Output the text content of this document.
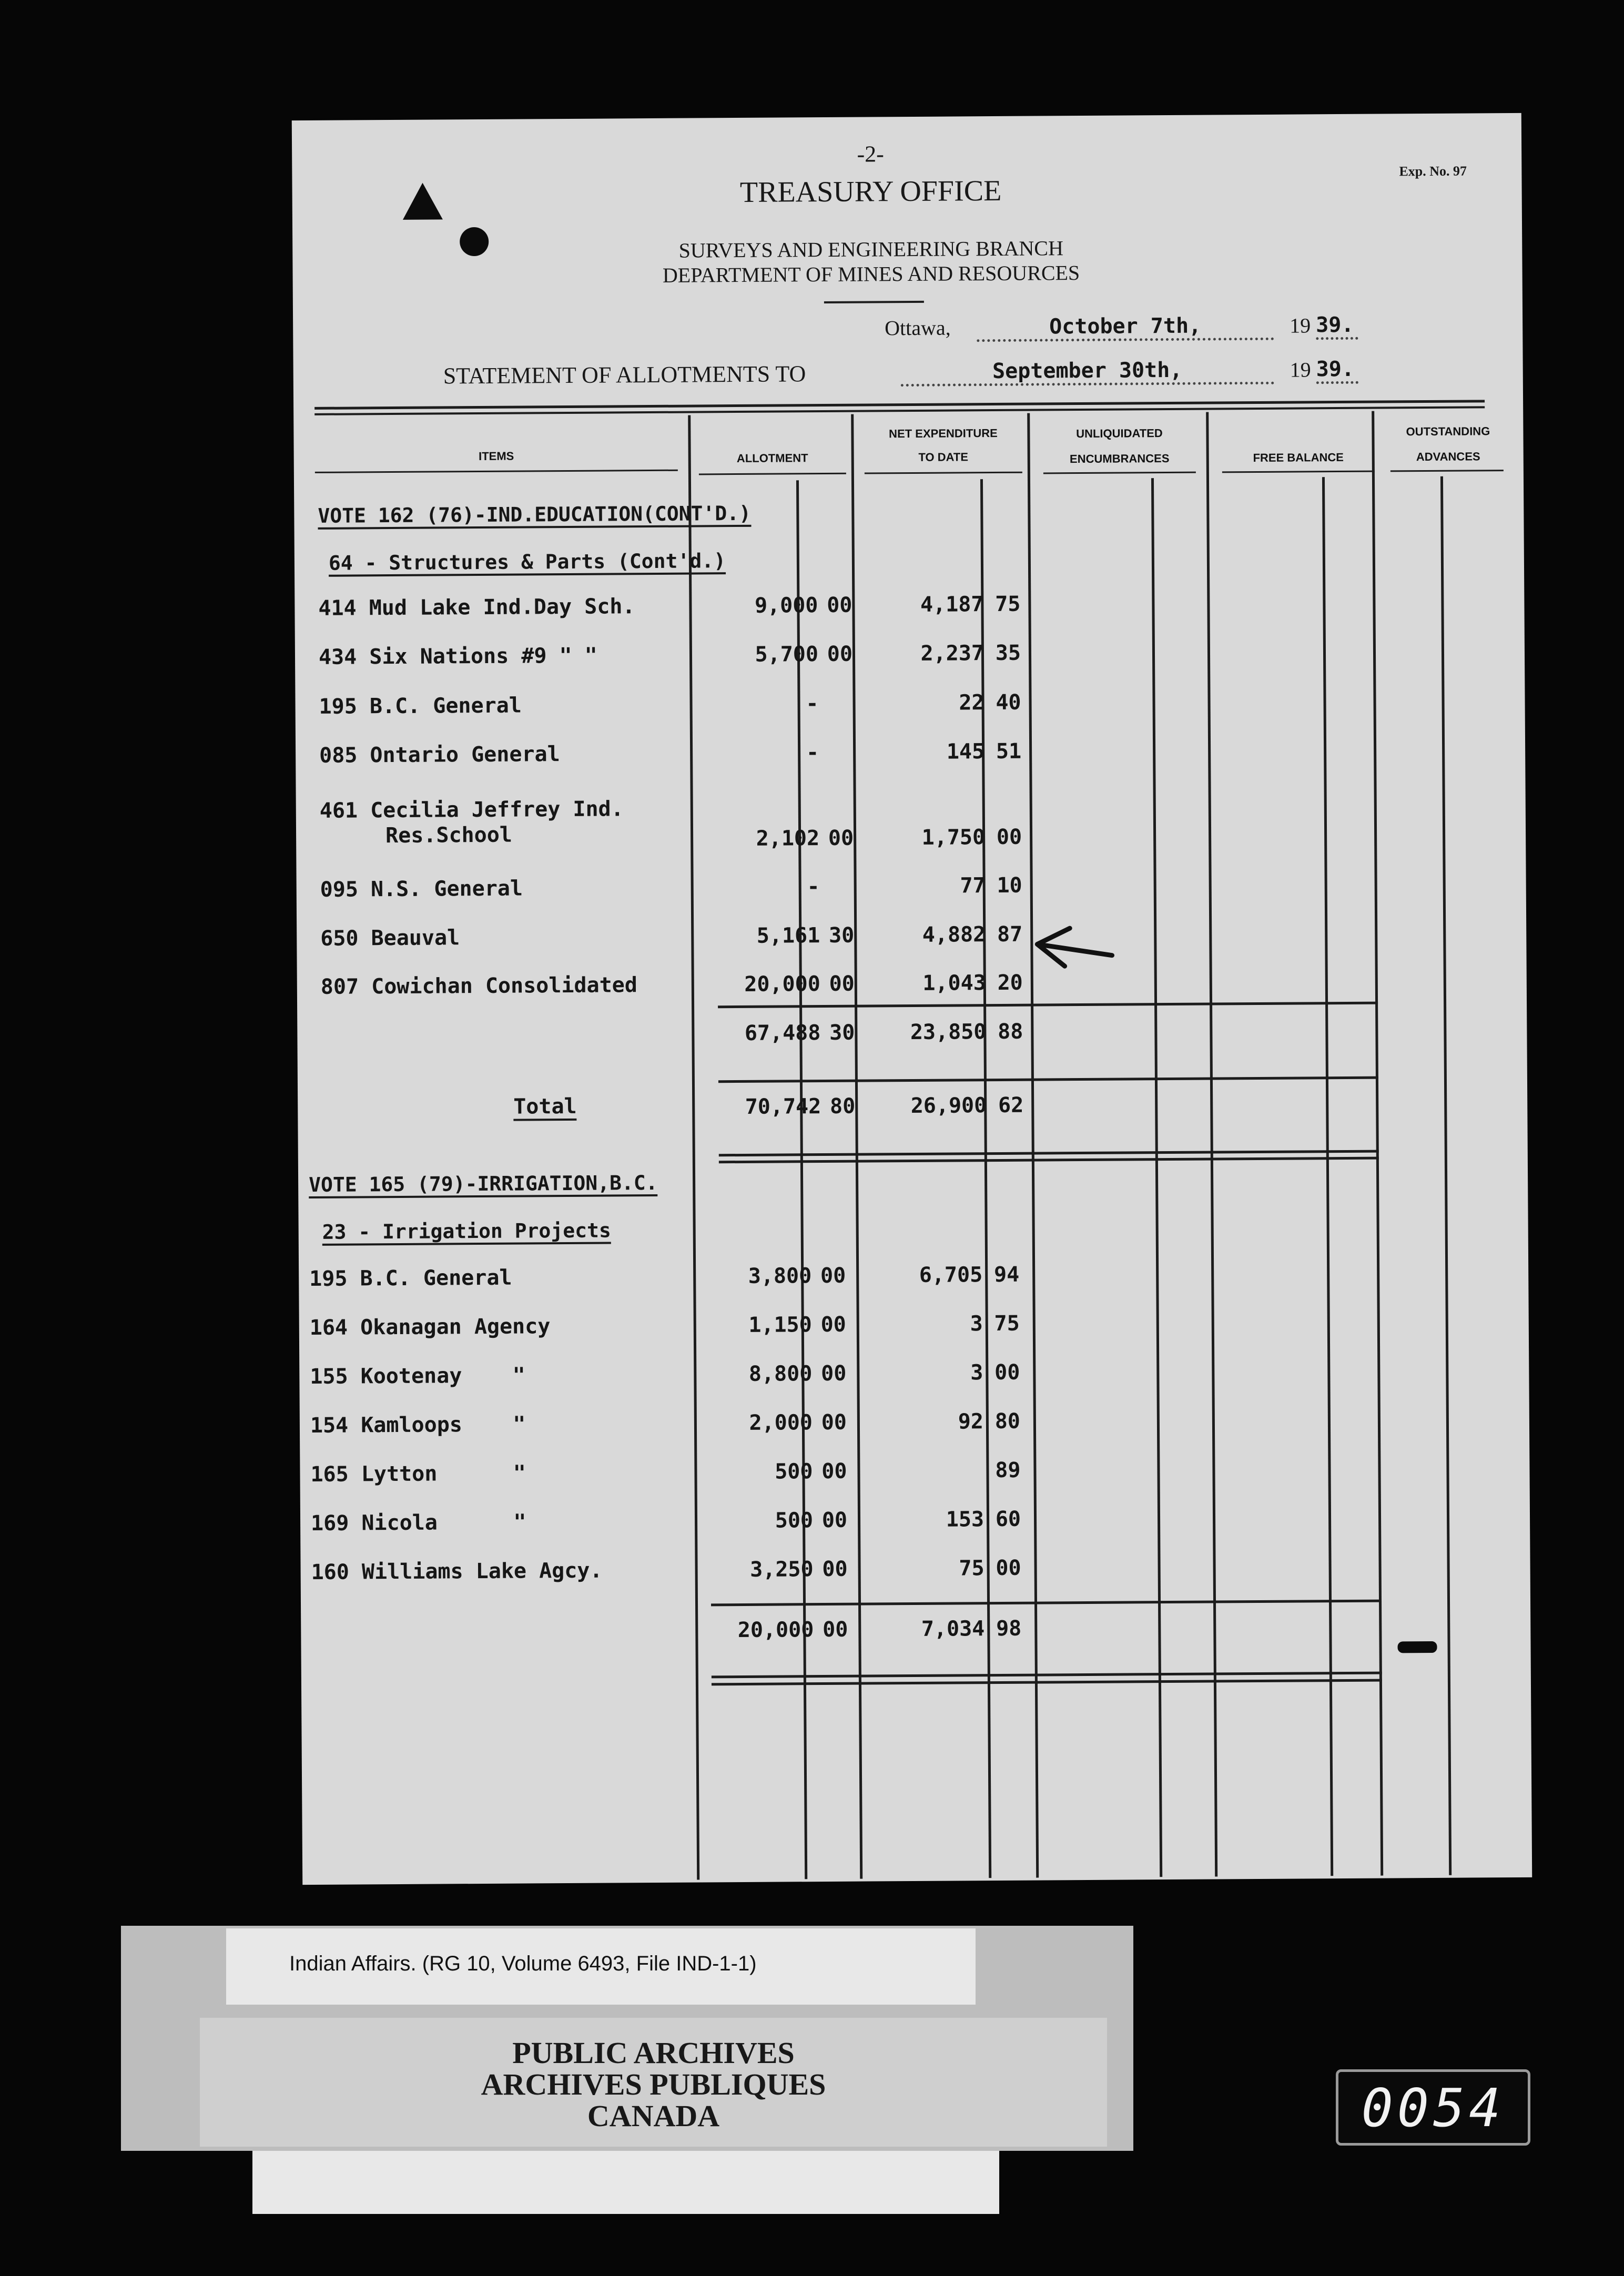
-2-
TREASURY OFFICE
Exp. No. 97
SURVEYS AND ENGINEERING BRANCH
DEPARTMENT OF MINES AND RESOURCES
Ottawa,	October 7th,	19 39.
STATEMENT OF ALLOTMENTS TO	September 30th,	19 39.
ITEMS	ALLOTMENT
NET EXPENDITURE
TO DATE
UNLIQUIDATED
ENCUMBRANCES	FREE BALANCE
OUTSTANDING
ADVANCES
VOTE 162 (76)-IND.EDUCATION(CONT'D.)
64 - Structures & Parts (Cont'd.)
414 Mud Lake Ind.Day Sch.	9,000 00	4,187 75
434 Six Nations #9 " "	5,700 00	2,237 35
195 B.C. General	-	22 40
085 Ontario General	-	145 51
461 Cecilia Jeffrey Ind.
Res.School	2,102 00	1,750 00
095 N.S. General	-	77 10
650 Beauval	5,161 30	4,882 87
807 Cowichan Consolidated	20,000 00	1,043 20
67,488 30	23,850 88
Total	70,742 80	26,900 62
VOTE 165 (79)-IRRIGATION,B.C.
23 - Irrigation Projects
195 B.C. General	3,800 00	6,705 94
164 Okanagan Agency	1,150 00	3 75
155 Kootenay    "	8,800 00	3 00
154 Kamloops    "	2,000 00	92 80
165 Lytton      "	500 00	89
169 Nicola      "	500 00	153 60
160 Williams Lake Agcy.	3,250 00	75 00
20,000 00	7,034 98
Indian Affairs. (RG 10, Volume 6493, File IND-1-1)
PUBLIC ARCHIVES
ARCHIVES PUBLIQUES
CANADA	0054
